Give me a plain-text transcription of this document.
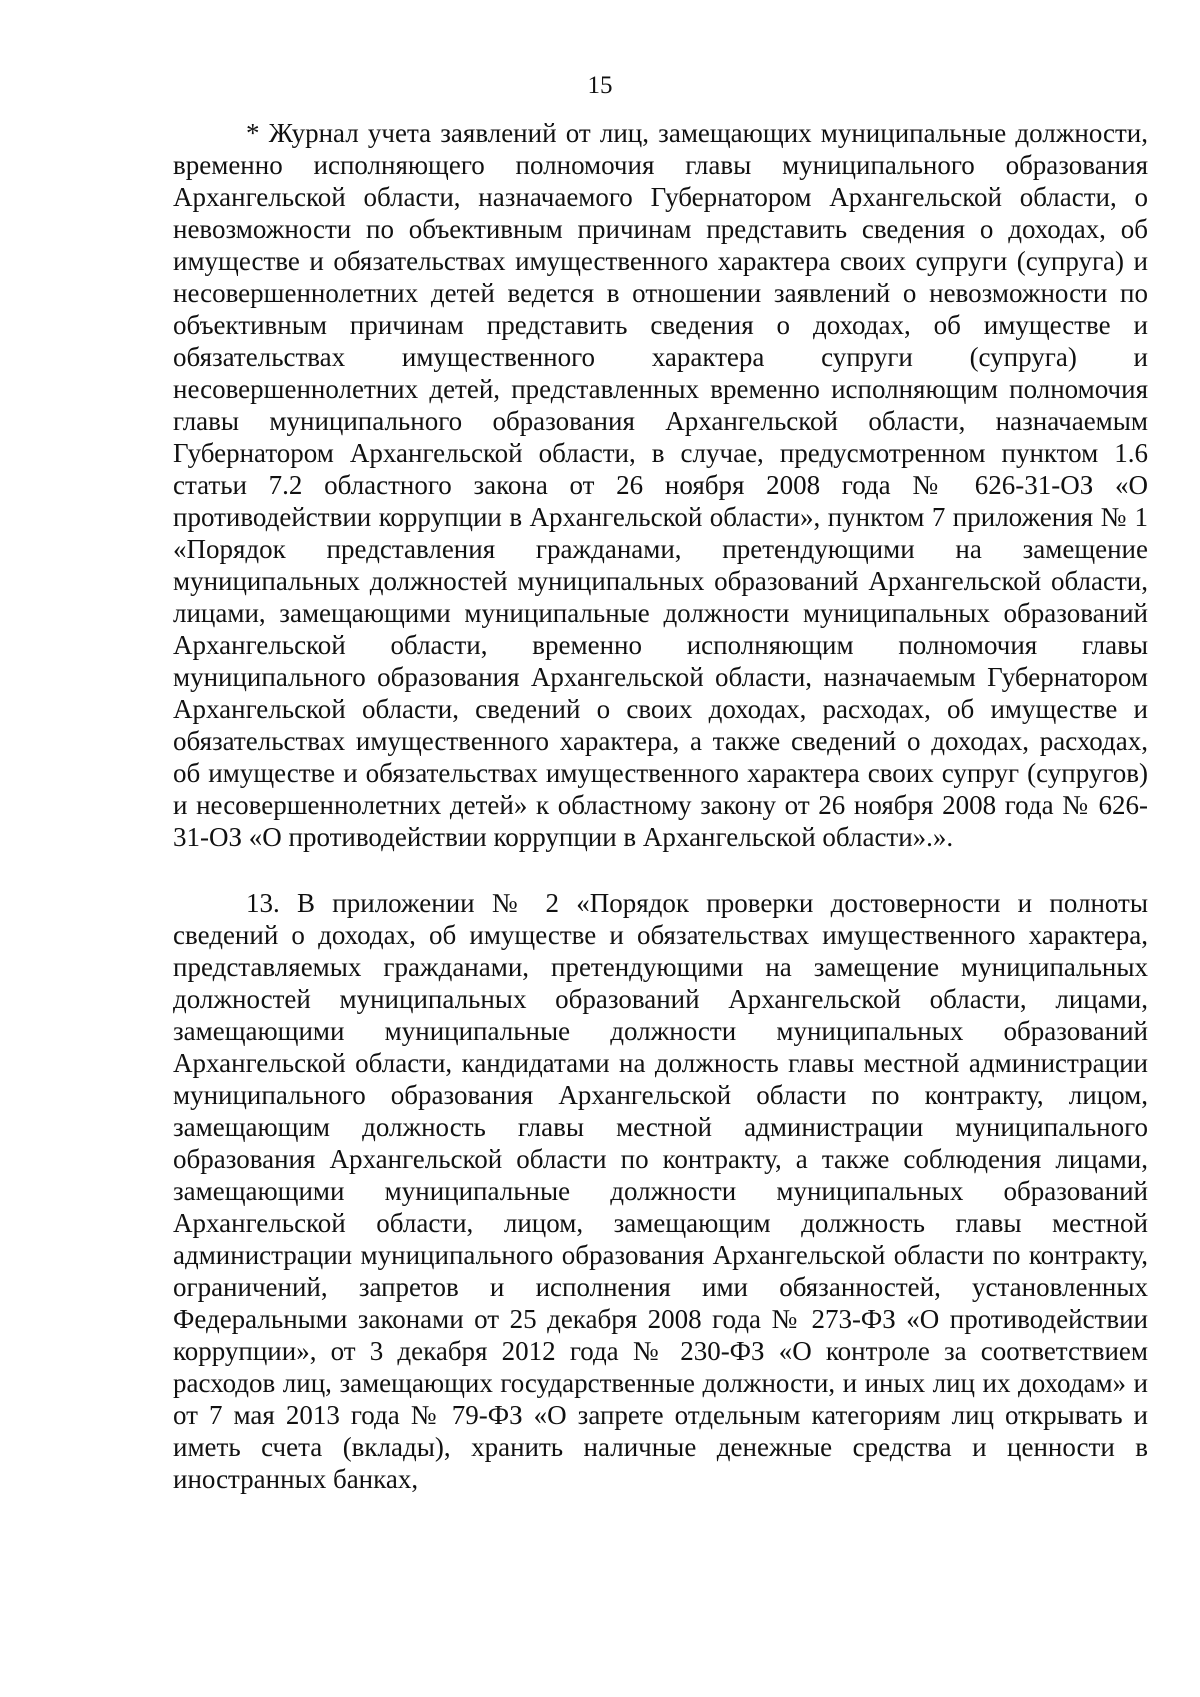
15

* Журнал учета заявлений от лиц, замещающих муниципальные должности, временно исполняющего полномочия главы муниципального образования Архангельской области, назначаемого Губернатором Архангельской области, о невозможности по объективным причинам представить сведения о доходах, об имуществе и обязательствах имущественного характера своих супруги (супруга) и несовершеннолетних детей ведется в отношении заявлений о невозможности по объективным причинам представить сведения о доходах, об имуществе и обязательствах имущественного характера супруги (супруга) и несовершеннолетних детей, представленных временно исполняющим полномочия главы муниципального образования Архангельской области, назначаемым Губернатором Архангельской области, в случае, предусмотренном пунктом 1.6 статьи 7.2 областного закона от 26 ноября 2008 года № 626-31-ОЗ «О противодействии коррупции в Архангельской области», пунктом 7 приложения № 1 «Порядок представления гражданами, претендующими на замещение муниципальных должностей муниципальных образований Архангельской области, лицами, замещающими муниципальные должности муниципальных образований Архангельской области, временно исполняющим полномочия главы муниципального образования Архангельской области, назначаемым Губернатором Архангельской области, сведений о своих доходах, расходах, об имуществе и обязательствах имущественного характера, а также сведений о доходах, расходах, об имуществе и обязательствах имущественного характера своих супруг (супругов) и несовершеннолетних детей» к областному закону от 26 ноября 2008 года № 626-31-ОЗ «О противодействии коррупции в Архангельской области».».

13. В приложении № 2 «Порядок проверки достоверности и полноты сведений о доходах, об имуществе и обязательствах имущественного характера, представляемых гражданами, претендующими на замещение муниципальных должностей муниципальных образований Архангельской области, лицами, замещающими муниципальные должности муниципальных образований Архангельской области, кандидатами на должность главы местной администрации муниципального образования Архангельской области по контракту, лицом, замещающим должность главы местной администрации муниципального образования Архангельской области по контракту, а также соблюдения лицами, замещающими муниципальные должности муниципальных образований Архангельской области, лицом, замещающим должность главы местной администрации муниципального образования Архангельской области по контракту, ограничений, запретов и исполнения ими обязанностей, установленных Федеральными законами от 25 декабря 2008 года № 273-ФЗ «О противодействии коррупции», от 3 декабря 2012 года № 230-ФЗ «О контроле за соответствием расходов лиц, замещающих государственные должности, и иных лиц их доходам» и от 7 мая 2013 года № 79-ФЗ «О запрете отдельным категориям лиц открывать и иметь счета (вклады), хранить наличные денежные средства и ценности в иностранных банках,
